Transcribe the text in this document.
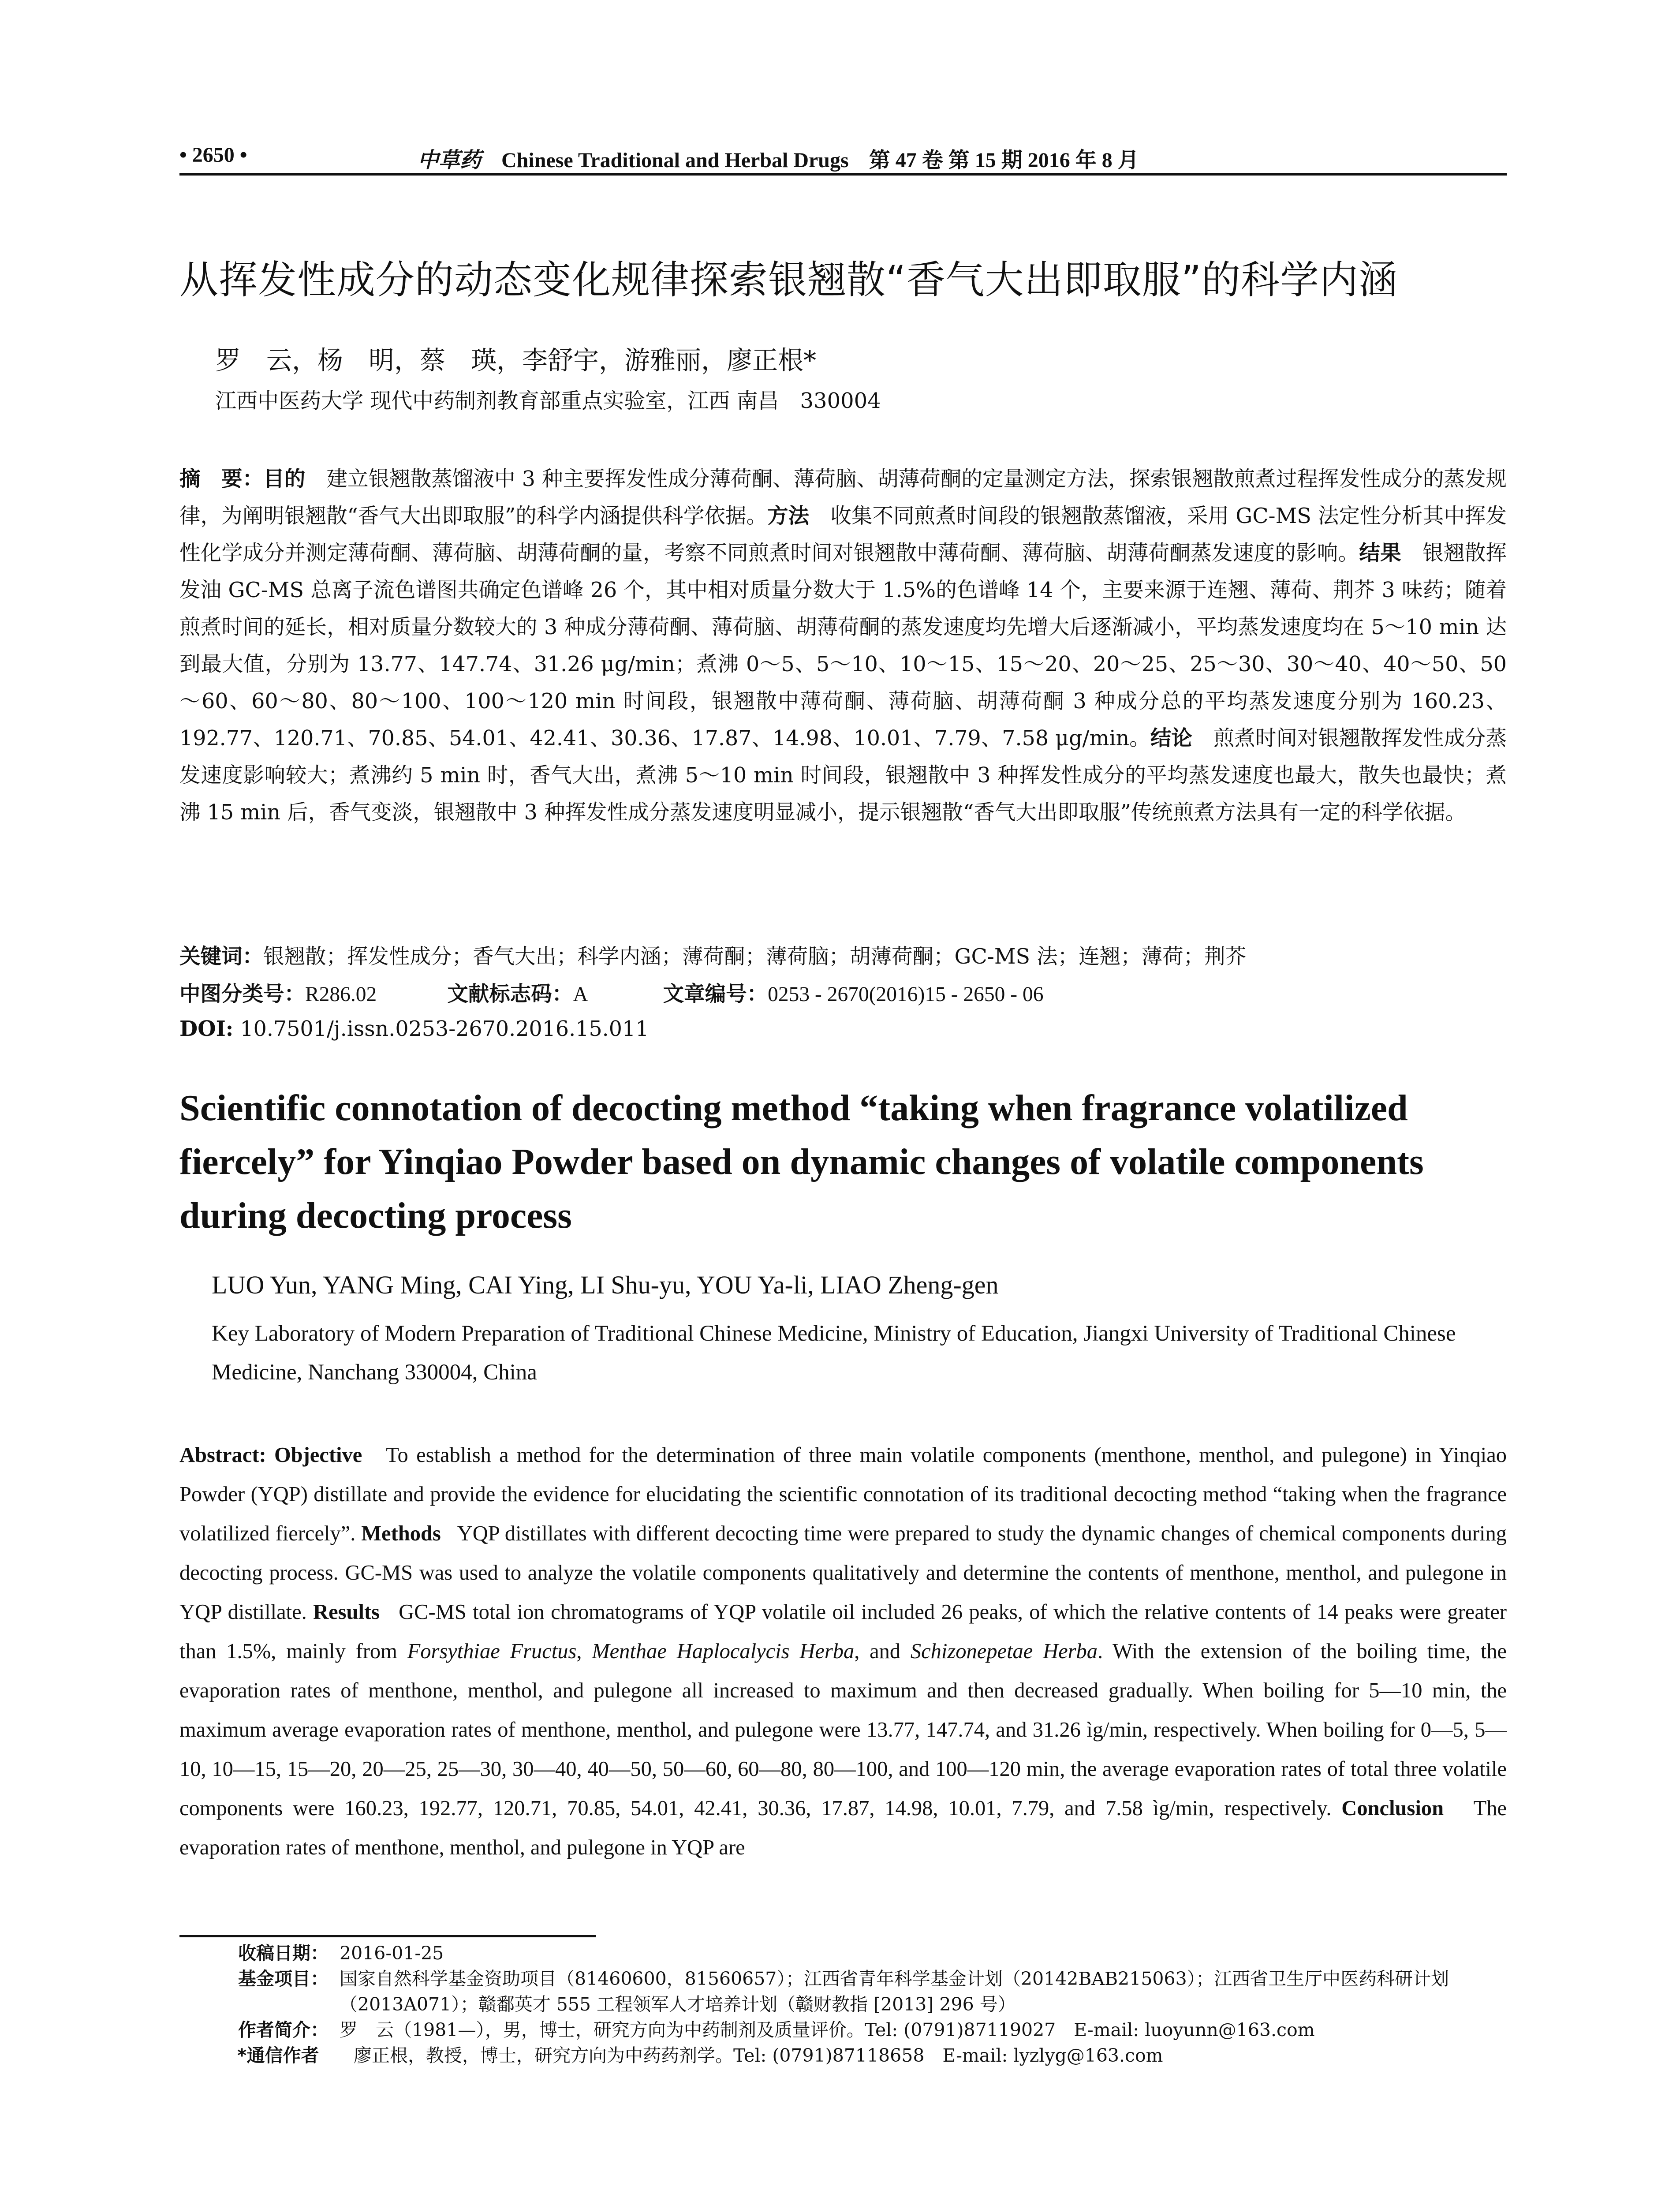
• 2650 •	中草药 Chinese Traditional and Herbal Drugs 第 47 卷 第 15 期 2016 年 8 月
从挥发性成分的动态变化规律探索银翘散“香气大出即取服”的科学内涵
罗　云，杨　明，蔡　瑛，李舒宇，游雅丽，廖正根*
江西中医药大学 现代中药制剂教育部重点实验室，江西 南昌　330004
摘　要：目的 建立银翘散蒸馏液中 3 种主要挥发性成分薄荷酮、薄荷脑、胡薄荷酮的定量测定方法，探索银翘散煎煮过程挥发性成分的蒸发规律，为阐明银翘散“香气大出即取服”的科学内涵提供科学依据。方法 收集不同煎煮时间段的银翘散蒸馏液，采用 GC-MS 法定性分析其中挥发性化学成分并测定薄荷酮、薄荷脑、胡薄荷酮的量，考察不同煎煮时间对银翘散中薄荷酮、薄荷脑、胡薄荷酮蒸发速度的影响。结果 银翘散挥发油 GC-MS 总离子流色谱图共确定色谱峰 26 个，其中相对质量分数大于 1.5%的色谱峰 14 个，主要来源于连翘、薄荷、荆芥 3 味药；随着煎煮时间的延长，相对质量分数较大的 3 种成分薄荷酮、薄荷脑、胡薄荷酮的蒸发速度均先增大后逐渐减小，平均蒸发速度均在 5～10 min 达到最大值，分别为 13.77、147.74、31.26 μg/min；煮沸 0～5、5～10、10～15、15～20、20～25、25～30、30～40、40～50、50～60、60～80、80～100、100～120 min 时间段，银翘散中薄荷酮、薄荷脑、胡薄荷酮 3 种成分总的平均蒸发速度分别为 160.23、192.77、120.71、70.85、54.01、42.41、30.36、17.87、14.98、10.01、7.79、7.58 μg/min。结论 煎煮时间对银翘散挥发性成分蒸发速度影响较大；煮沸约 5 min 时，香气大出，煮沸 5～10 min 时间段，银翘散中 3 种挥发性成分的平均蒸发速度也最大，散失也最快；煮沸 15 min 后，香气变淡，银翘散中 3 种挥发性成分蒸发速度明显减小，提示银翘散“香气大出即取服”传统煎煮方法具有一定的科学依据。
关键词：银翘散；挥发性成分；香气大出；科学内涵；薄荷酮；薄荷脑；胡薄荷酮；GC-MS 法；连翘；薄荷；荆芥
中图分类号：R286.02	文献标志码：A	文章编号：0253 - 2670(2016)15 - 2650 - 06
DOI: 10.7501/j.issn.0253-2670.2016.15.011
Scientific connotation of decocting method “taking when fragrance volatilized fiercely” for Yinqiao Powder based on dynamic changes of volatile components during decocting process
LUO Yun, YANG Ming, CAI Ying, LI Shu-yu, YOU Ya-li, LIAO Zheng-gen
Key Laboratory of Modern Preparation of Traditional Chinese Medicine, Ministry of Education, Jiangxi University of Traditional Chinese Medicine, Nanchang 330004, China
Abstract: Objective To establish a method for the determination of three main volatile components (menthone, menthol, and pulegone) in Yinqiao Powder (YQP) distillate and provide the evidence for elucidating the scientific connotation of its traditional decocting method “taking when the fragrance volatilized fiercely”. Methods YQP distillates with different decocting time were prepared to study the dynamic changes of chemical components during decocting process. GC-MS was used to analyze the volatile components qualitatively and determine the contents of menthone, menthol, and pulegone in YQP distillate. Results GC-MS total ion chromatograms of YQP volatile oil included 26 peaks, of which the relative contents of 14 peaks were greater than 1.5%, mainly from Forsythiae Fructus, Menthae Haplocalycis Herba, and Schizonepetae Herba. With the extension of the boiling time, the evaporation rates of menthone, menthol, and pulegone all increased to maximum and then decreased gradually. When boiling for 5—10 min, the maximum average evaporation rates of menthone, menthol, and pulegone were 13.77, 147.74, and 31.26 ìg/min, respectively. When boiling for 0—5, 5—10, 10—15, 15—20, 20—25, 25—30, 30—40, 40—50, 50—60, 60—80, 80—100, and 100—120 min, the average evaporation rates of total three volatile components were 160.23, 192.77, 120.71, 70.85, 54.01, 42.41, 30.36, 17.87, 14.98, 10.01, 7.79, and 7.58 ìg/min, respectively. Conclusion The evaporation rates of menthone, menthol, and pulegone in YQP are
收稿日期： 2016-01-25
基金项目： 国家自然科学基金资助项目（81460600，81560657）；江西省青年科学基金计划（20142BAB215063）；江西省卫生厅中医药科研计划（2013A071）；赣鄱英才 555 工程领军人才培养计划（赣财教指 [2013] 296 号）
作者简介： 罗　云（1981—），男，博士，研究方向为中药制剂及质量评价。Tel: (0791)87119027　E-mail: luoyunn@163.com
*通信作者 廖正根，教授，博士，研究方向为中药药剂学。Tel: (0791)87118658　E-mail: lyzlyg@163.com
